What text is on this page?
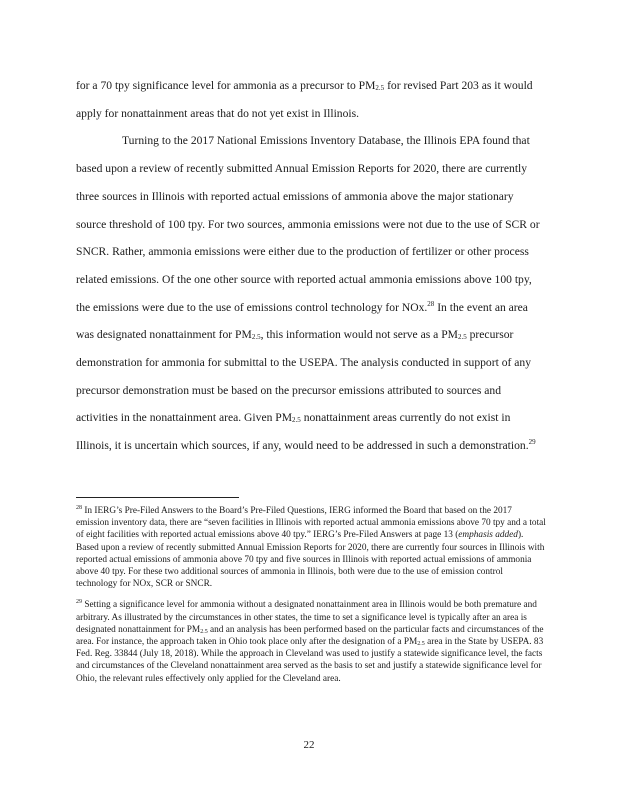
for a 70 tpy significance level for ammonia as a precursor to $PM_{2.5}$ for revised Part 203 as it would apply for nonattainment areas that do not yet exist in Illinois.

Turning to the 2017 National Emissions Inventory Database, the Illinois EPA found that based upon a review of recently submitted Annual Emission Reports for 2020, there are currently three sources in Illinois with reported actual emissions of ammonia above the major stationary source threshold of 100 tpy. For two sources, ammonia emissions were not due to the use of SCR or SNCR. Rather, ammonia emissions were either due to the production of fertilizer or other process related emissions. Of the one other source with reported actual ammonia emissions above 100 tpy, the emissions were due to the use of emissions control technology for NOx.$^{28}$ In the event an area was designated nonattainment for $PM_{2.5}$, this information would not serve as a $PM_{2.5}$ precursor demonstration for ammonia for submittal to the USEPA. The analysis conducted in support of any precursor demonstration must be based on the precursor emissions attributed to sources and activities in the nonattainment area. Given $PM_{2.5}$ nonattainment areas currently do not exist in Illinois, it is uncertain which sources, if any, would need to be addressed in such a demonstration.$^{29}$

$^{28}$ In IERG’s Pre-Filed Answers to the Board’s Pre-Filed Questions, IERG informed the Board that based on the 2017 emission inventory data, there are “seven facilities in Illinois with reported actual ammonia emissions above 70 tpy and a total of eight facilities with reported actual emissions above 40 tpy.” IERG’s Pre-Filed Answers at page 13 (emphasis added). Based upon a review of recently submitted Annual Emission Reports for 2020, there are currently four sources in Illinois with reported actual emissions of ammonia above 70 tpy and five sources in Illinois with reported actual emissions of ammonia above 40 tpy. For these two additional sources of ammonia in Illinois, both were due to the use of emission control technology for NOx, SCR or SNCR.

$^{29}$ Setting a significance level for ammonia without a designated nonattainment area in Illinois would be both premature and arbitrary. As illustrated by the circumstances in other states, the time to set a significance level is typically after an area is designated nonattainment for $PM_{2.5}$ and an analysis has been performed based on the particular facts and circumstances of the area. For instance, the approach taken in Ohio took place only after the designation of a $PM_{2.5}$ area in the State by USEPA. 83 Fed. Reg. 33844 (July 18, 2018). While the approach in Cleveland was used to justify a statewide significance level, the facts and circumstances of the Cleveland nonattainment area served as the basis to set and justify a statewide significance level for Ohio, the relevant rules effectively only applied for the Cleveland area.

22
